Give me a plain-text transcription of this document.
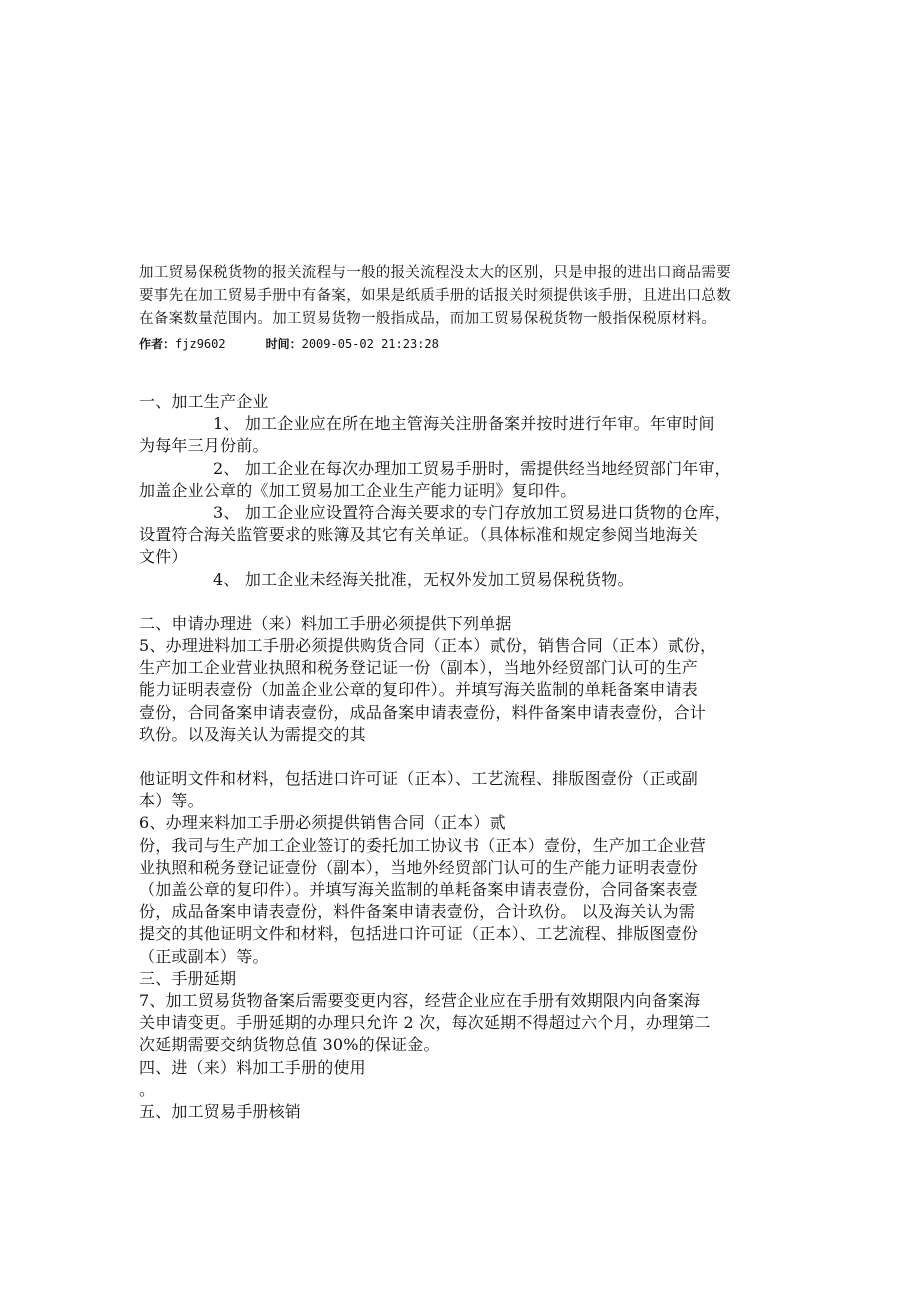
加工贸易保税货物的报关流程与一般的报关流程没太大的区别，只是申报的进出口商品需要

要事先在加工贸易手册中有备案，如果是纸质手册的话报关时须提供该手册，且进出口总数

在备案数量范围内。加工贸易货物一般指成品，而加工贸易保税货物一般指保税原材料。

作者：fjz9602	时间：2009-05-02 21:23:28

一、加工生产企业

1、 加工企业应在所在地主管海关注册备案并按时进行年审。年审时间

为每年三月份前。

2、 加工企业在每次办理加工贸易手册时，需提供经当地经贸部门年审，

加盖企业公章的《加工贸易加工企业生产能力证明》复印件。

3、 加工企业应设置符合海关要求的专门存放加工贸易进口货物的仓库，

设置符合海关监管要求的账簿及其它有关单证。（具体标准和规定参阅当地海关

文件）

4、 加工企业未经海关批准，无权外发加工贸易保税货物。

二、申请办理进（来）料加工手册必须提供下列单据

5、办理进料加工手册必须提供购货合同（正本）贰份，销售合同（正本）贰份，

生产加工企业营业执照和税务登记证一份（副本），当地外经贸部门认可的生产

能力证明表壹份（加盖企业公章的复印件）。并填写海关监制的单耗备案申请表

壹份，合同备案申请表壹份，成品备案申请表壹份，料件备案申请表壹份，合计

玖份。以及海关认为需提交的其

他证明文件和材料，包括进口许可证（正本）、工艺流程、排版图壹份（正或副

本）等。

6、办理来料加工手册必须提供销售合同（正本）贰

份，我司与生产加工企业签订的委托加工协议书（正本）壹份，生产加工企业营

业执照和税务登记证壹份（副本），当地外经贸部门认可的生产能力证明表壹份

（加盖公章的复印件）。并填写海关监制的单耗备案申请表壹份，合同备案表壹

份，成品备案申请表壹份，料件备案申请表壹份，合计玖份。 以及海关认为需

提交的其他证明文件和材料，包括进口许可证（正本）、工艺流程、排版图壹份

（正或副本）等。

三、手册延期

7、加工贸易货物备案后需要变更内容，经营企业应在手册有效期限内向备案海

关申请变更。手册延期的办理只允许 2 次，每次延期不得超过六个月，办理第二

次延期需要交纳货物总值 30%的保证金。

四、进（来）料加工手册的使用

。

五、加工贸易手册核销
